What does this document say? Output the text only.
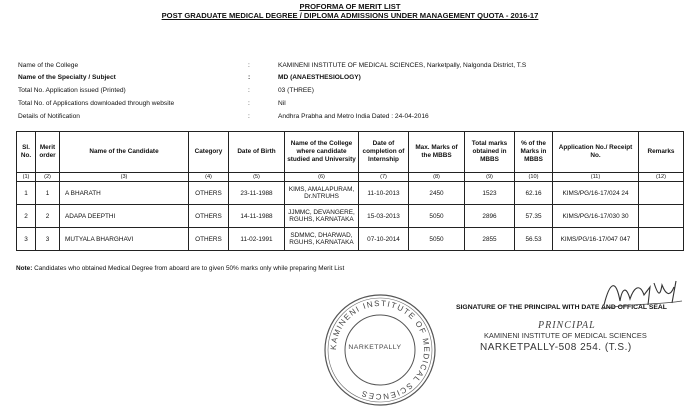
PROFORMA OF MERIT LIST
POST GRADUATE MEDICAL DEGREE / DIPLOMA ADMISSIONS UNDER MANAGEMENT QUOTA - 2016-17
Name of the College	:	KAMINENI INSTITUTE OF MEDICAL SCIENCES, Narketpally, Nalgonda District, T.S
Name of the Specialty / Subject	:	MD (ANAESTHESIOLOGY)
Total No. Application issued (Printed)	:	03 (THREE)
Total No. of Applications downloaded through website	:	Nil
Details of Notification	:	Andhra Prabha and Metro India Dated : 24-04-2016
Sl. No.	Merit order	Name of the Candidate	Category	Date of Birth	Name of the College where candidate studied and University	Date of completion of Internship	Max. Marks of the MBBS	Total marks obtained in MBBS	% of the Marks in MBBS	Application No./ Receipt No.	Remarks
(1)	(2)	(3)	(4)	(5)	(6)	(7)	(8)	(9)	(10)	(11)	(12)
1	1	A BHARATH	OTHERS	23-11-1988	KIMS, AMALAPURAM, Dr.NTRUHS	11-10-2013	2450	1523	62.16	KIMS/PG/16-17/024 24	
2	2	ADAPA DEEPTHI	OTHERS	14-11-1988	JJMMC, DEVANGERE, RGUHS, KARNATAKA	15-03-2013	5050	2896	57.35	KIMS/PG/16-17/030 30	
3	3	MUTYALA BHARGHAVI	OTHERS	11-02-1991	SDMMC, DHARWAD, RGUHS, KARNATAKA	07-10-2014	5050	2855	56.53	KIMS/PG/16-17/047 047	
Note: Candidates who obtained Medical Degree from aboard are to given 50% marks only while preparing Merit List
KAMINENI INSTITUTE OF MEDICAL SCIENCES
NARKETPALLY
SIGNATURE OF THE PRINCIPAL WITH DATE AND OFFICAL SEAL
PRINCIPAL
KAMINENI INSTITUTE OF MEDICAL SCIENCES
NARKETPALLY-508 254. (T.S.)
